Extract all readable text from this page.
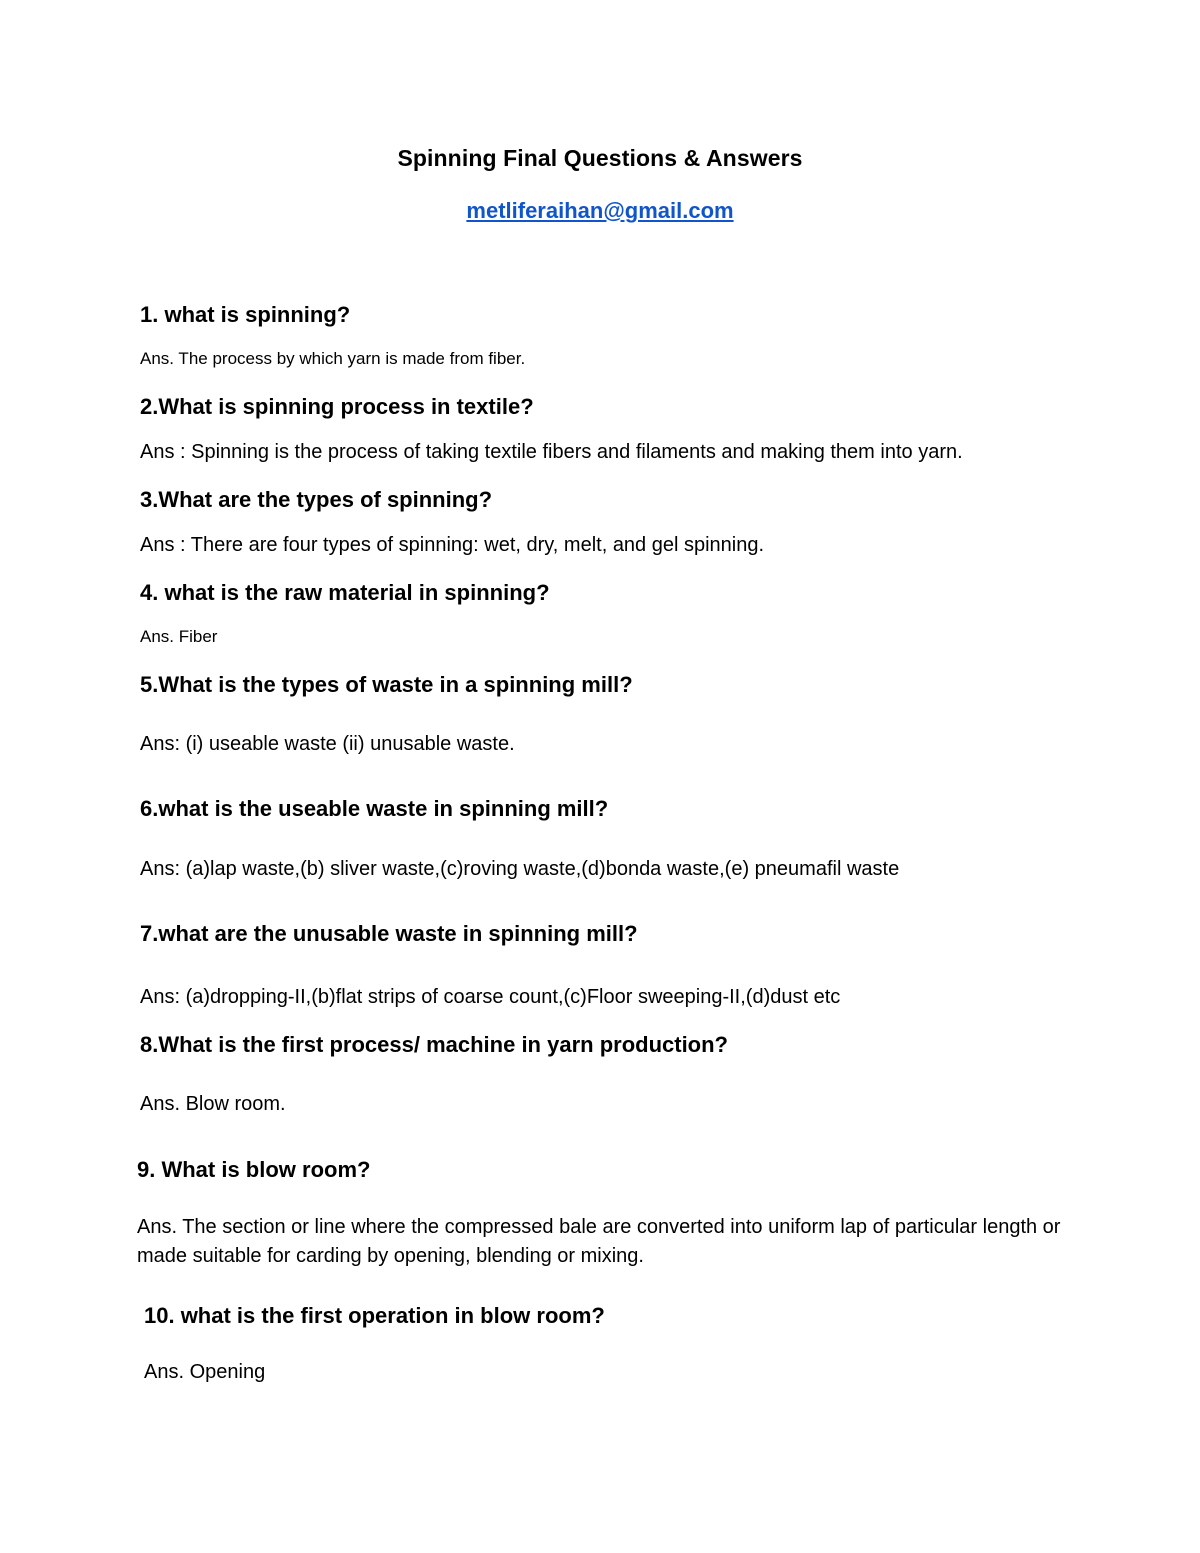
Spinning Final Questions & Answers
metliferaihan@gmail.com
1. what is spinning?
Ans. The process by which yarn is made from fiber.
2.What is spinning process in textile?
Ans : Spinning is the process of taking textile fibers and filaments and making them into yarn.
3.What are the types of spinning?
Ans : There are four types of spinning: wet, dry, melt, and gel spinning.
4. what is the raw material in spinning?
Ans. Fiber
5.What is the types of waste in a spinning mill?
Ans: (i) useable waste (ii) unusable waste.
6.what is the useable waste in spinning mill?
Ans: (a)lap waste,(b) sliver waste,(c)roving waste,(d)bonda waste,(e) pneumafil waste
7.what are the unusable waste in spinning mill?
Ans: (a)dropping-II,(b)flat strips of coarse count,(c)Floor sweeping-II,(d)dust etc
8.What is the first process/ machine in yarn production?
Ans. Blow room.
9. What is blow room?
Ans. The section or line where the compressed bale are converted into uniform lap of particular length or made suitable for carding by opening, blending or mixing.
10. what is the first operation in blow room?
Ans. Opening
